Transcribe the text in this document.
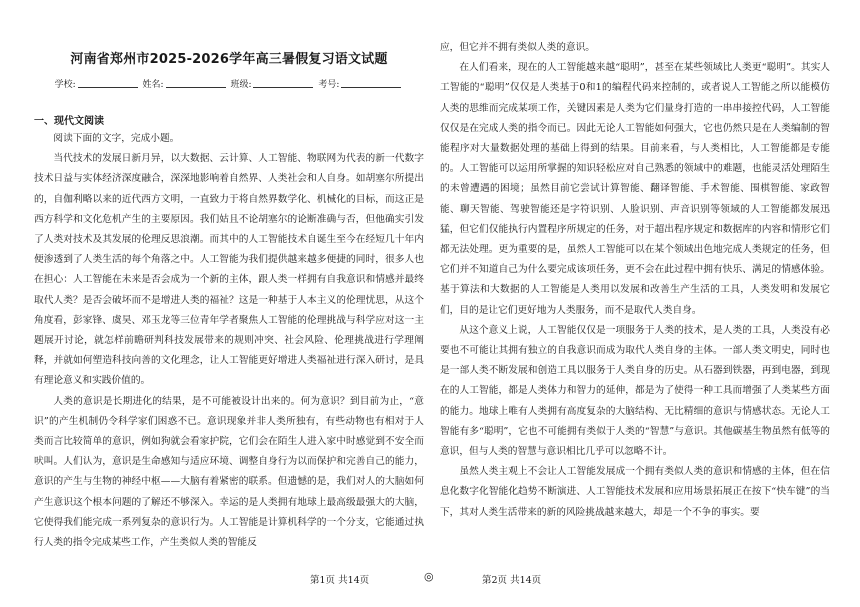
河南省郑州市2025-2026学年高三暑假复习语文试题
学校:	姓名:	班级:	考号:
一、现代文阅读

阅读下面的文字，完成小题。

当代技术的发展日新月异，以大数据、云计算、人工智能、物联网为代表的新一代数字技术日益与实体经济深度融合，深深地影响着自然界、人类社会和人自身。如胡塞尔所提出的，自伽利略以来的近代西方文明，一直致力于将自然界数学化、机械化的目标，而这正是西方科学和文化危机产生的主要原因。我们姑且不论胡塞尔的论断准确与否，但他确实引发了人类对技术及其发展的伦理反思浪潮。而其中的人工智能技术自诞生至今在经短几十年内便渗透到了人类生活的每个角落之中。人工智能为我们提供越来越多便捷的同时，很多人也在担心：人工智能在未来是否会成为一个新的主体，跟人类一样拥有自我意识和情感并最终取代人类？是否会破坏而不是增进人类的福祉？这是一种基于人本主义的伦理忧思，从这个角度看，彭家锋、虞昊、邓玉龙等三位青年学者聚焦人工智能的伦理挑战与科学应对这一主题展开讨论，就怎样前瞻研判科技发展带来的规则冲突、社会风险、伦理挑战进行学理阐释，并就如何塑造科技向善的文化理念，让人工智能更好增进人类福祉进行深入研讨，是具有理论意义和实践价值的。

人类的意识是长期进化的结果，是不可能被设计出来的。何为意识？到目前为止，“意识”的产生机制仍令科学家们困惑不已。意识现象并非人类所独有，有些动物也有相对于人类而言比较简单的意识，例如狗就会看家护院，它们会在陌生人进入家中时感觉到不安全而吠叫。人们认为，意识是生命感知与适应环境、调整自身行为以而保护和完善自己的能力，意识的产生与生物的神经中枢——大脑有着紧密的联系。但遗憾的是，我们对人的大脑如何产生意识这个根本问题的了解还不够深入。幸运的是人类拥有地球上最高级最强大的大脑，它使得我们能完成一系列复杂的意识行为。人工智能是计算机科学的一个分支，它能通过执行人类的指令完成某些工作，产生类似人类的智能反

应，但它并不拥有类似人类的意识。

在人们看来，现在的人工智能越来越“聪明”，甚至在某些领域比人类更“聪明”。其实人工智能的“聪明”仅仅是人类基于0和1的编程代码来控制的，或者说人工智能之所以能模仿人类的思维而完成某项工作，关键因素是人类为它们量身打造的一串串接控代码，人工智能仅仅是在完成人类的指令而已。因此无论人工智能如何强大，它也仍然只是在人类编制的智能程序对大量数据处理的基础上得到的结果。目前来看，与人类相比，人工智能都是专能的。人工智能可以运用所掌握的知识轻松应对自己熟悉的领域中的难题，也能灵活处理陌生的未曾遭遇的困境；虽然目前它尝试计算智能、翻译智能、手术智能、围棋智能、家政智能、聊天智能、驾驶智能还是字符识别、人脸识别、声音识别等领域的人工智能都发展迅猛，但它们仅能执行内置程序所规定的任务，对于超出程序规定和数据库的内容和情形它们都无法处理。更为重要的是，虽然人工智能可以在某个领域出色地完成人类规定的任务，但它们并不知道自己为什么要完成该项任务，更不会在此过程中拥有快乐、满足的情感体验。基于算法和大数据的人工智能是人类用以发展和改善生产生活的工具，人类发明和发展它们，目的是让它们更好地为人类服务，而不是取代人类自身。

从这个意义上说，人工智能仅仅是一项服务于人类的技术，是人类的工具，人类没有必要也不可能让其拥有独立的自我意识而成为取代人类自身的主体。一部人类文明史，同时也是一部人类不断发展和创造工具以服务于人类自身的历史。从石器到铁器，再到电器，到现在的人工智能，都是人类体力和智力的延伸，都是为了使得一种工具而增强了人类某些方面的能力。地球上唯有人类拥有高度复杂的大脑结构、无比精细的意识与情感状态。无论人工智能有多“聪明”，它也不可能拥有类似于人类的“智慧”与意识。其他碳基生物虽然有低等的意识，但与人类的智慧与意识相比几乎可以忽略不计。

虽然人类主观上不会让人工智能发展成一个拥有类似人类的意识和情感的主体，但在信息化数字化智能化趋势不断演进、人工智能技术发展和应用场景拓展正在按下“快车键”的当下，其对人类生活带来的新的风险挑战越来越大，却是一个不争的事实。要

第1页 共14页	◎	第2页 共14页
